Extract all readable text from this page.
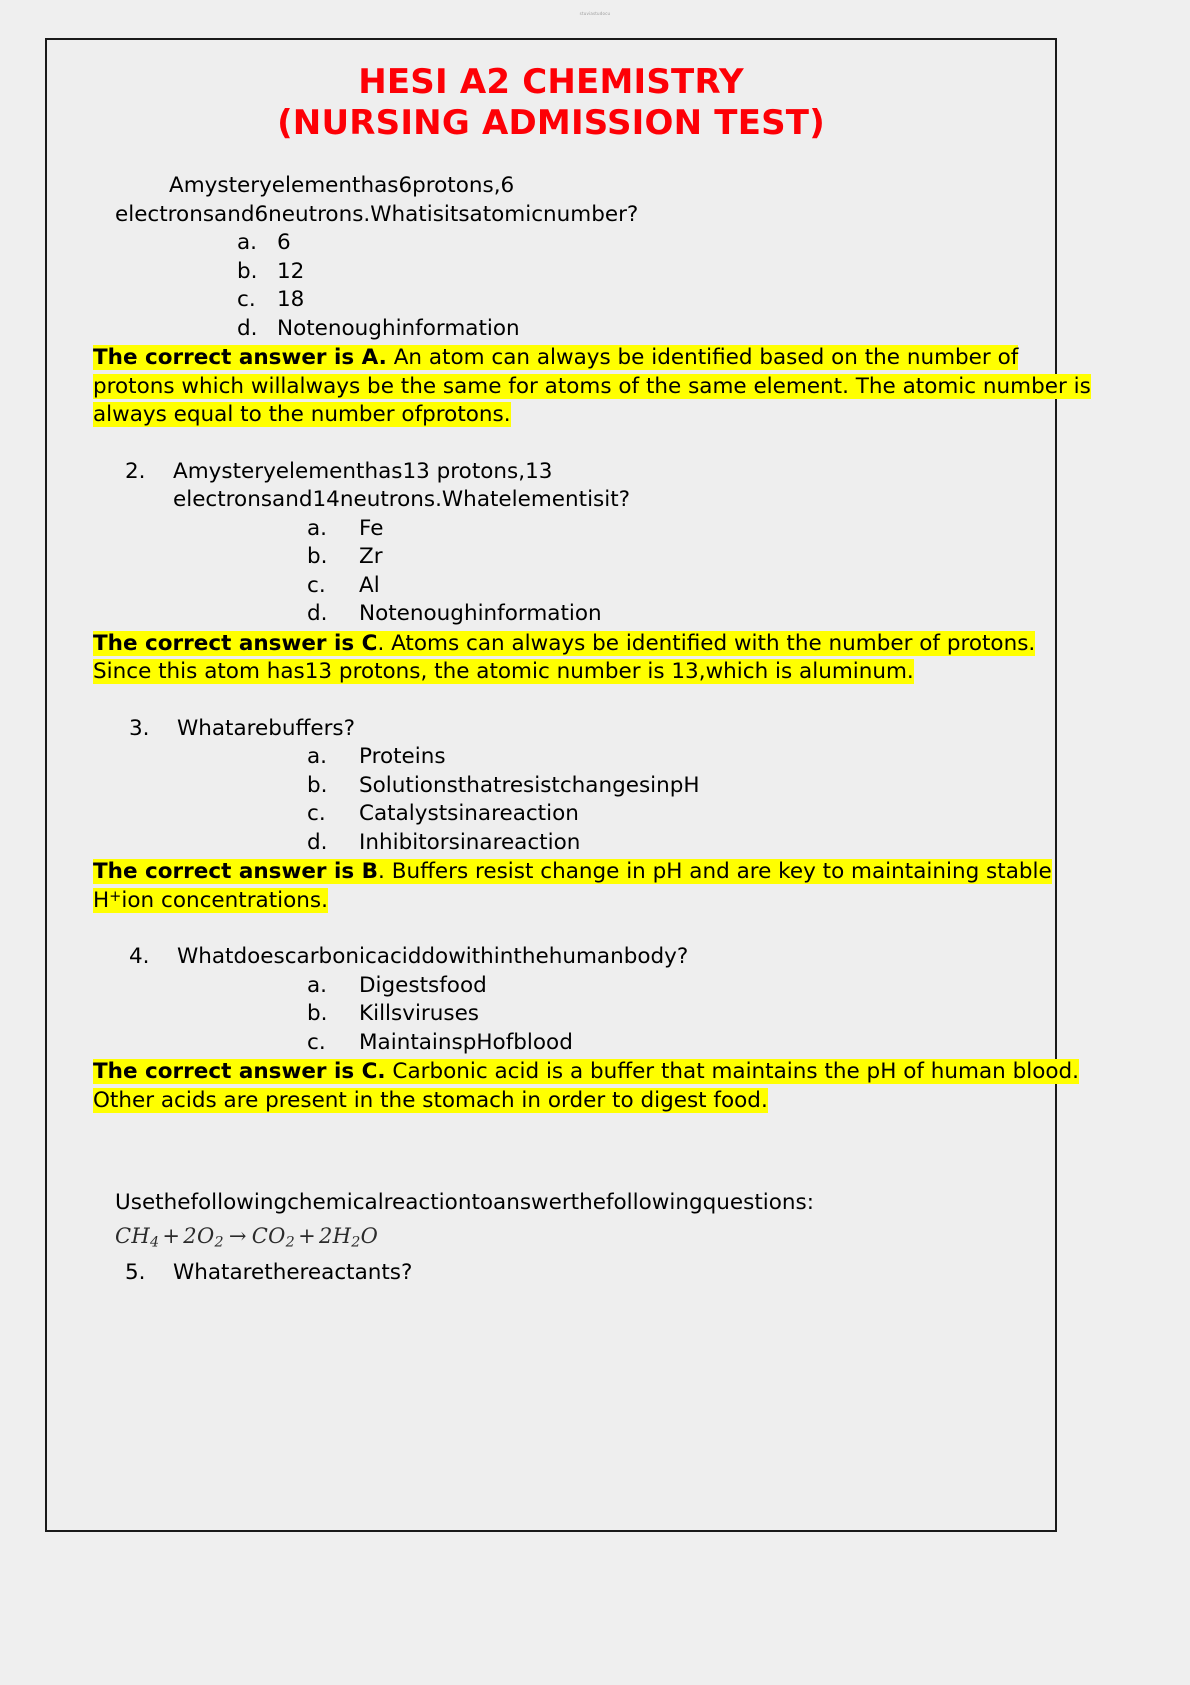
stuviastudocu
HESI A2 CHEMISTRY
(NURSING ADMISSION TEST)
Amysteryelementhas6protons,6
electronsand6neutrons.Whatisitsatomicnumber?
a. 6
b. 12
c. 18
d. Notenoughinformation
The correct answer is A. An atom can always be identified based on the number of protons which willalways be the same for atoms of the same element. The atomic number is always equal to the number ofprotons.
2.	Amysteryelementhas13 protons,13
electronsand14neutrons.Whatelementisit?
a.	Fe
b.	Zr
c.	Al
d.	Notenoughinformation
The correct answer is C. Atoms can always be identified with the number of protons. Since this atom has13 protons, the atomic number is 13,which is aluminum.
3.	Whatarebuffers?
a.	Proteins
b.	SolutionsthatresistchangesinpH
c.	Catalystsinareaction
d.	Inhibitorsinareaction
The correct answer is B. Buffers resist change in pH and are key to maintaining stable H+ion concentrations.
4.	Whatdoescarbonicaciddowithinthehumanbody?
a.	Digestsfood
b.	Killsviruses
c.	MaintainspHofblood
The correct answer is C. Carbonic acid is a buffer that maintains the pH of human blood. Other acids are present in the stomach in order to digest food.
Usethefollowingchemicalreactiontoanswerthefollowingquestions:
$CH_4 + 2O_2 \to CO_2 + 2H_2O$
5.	Whatarethereactants?
